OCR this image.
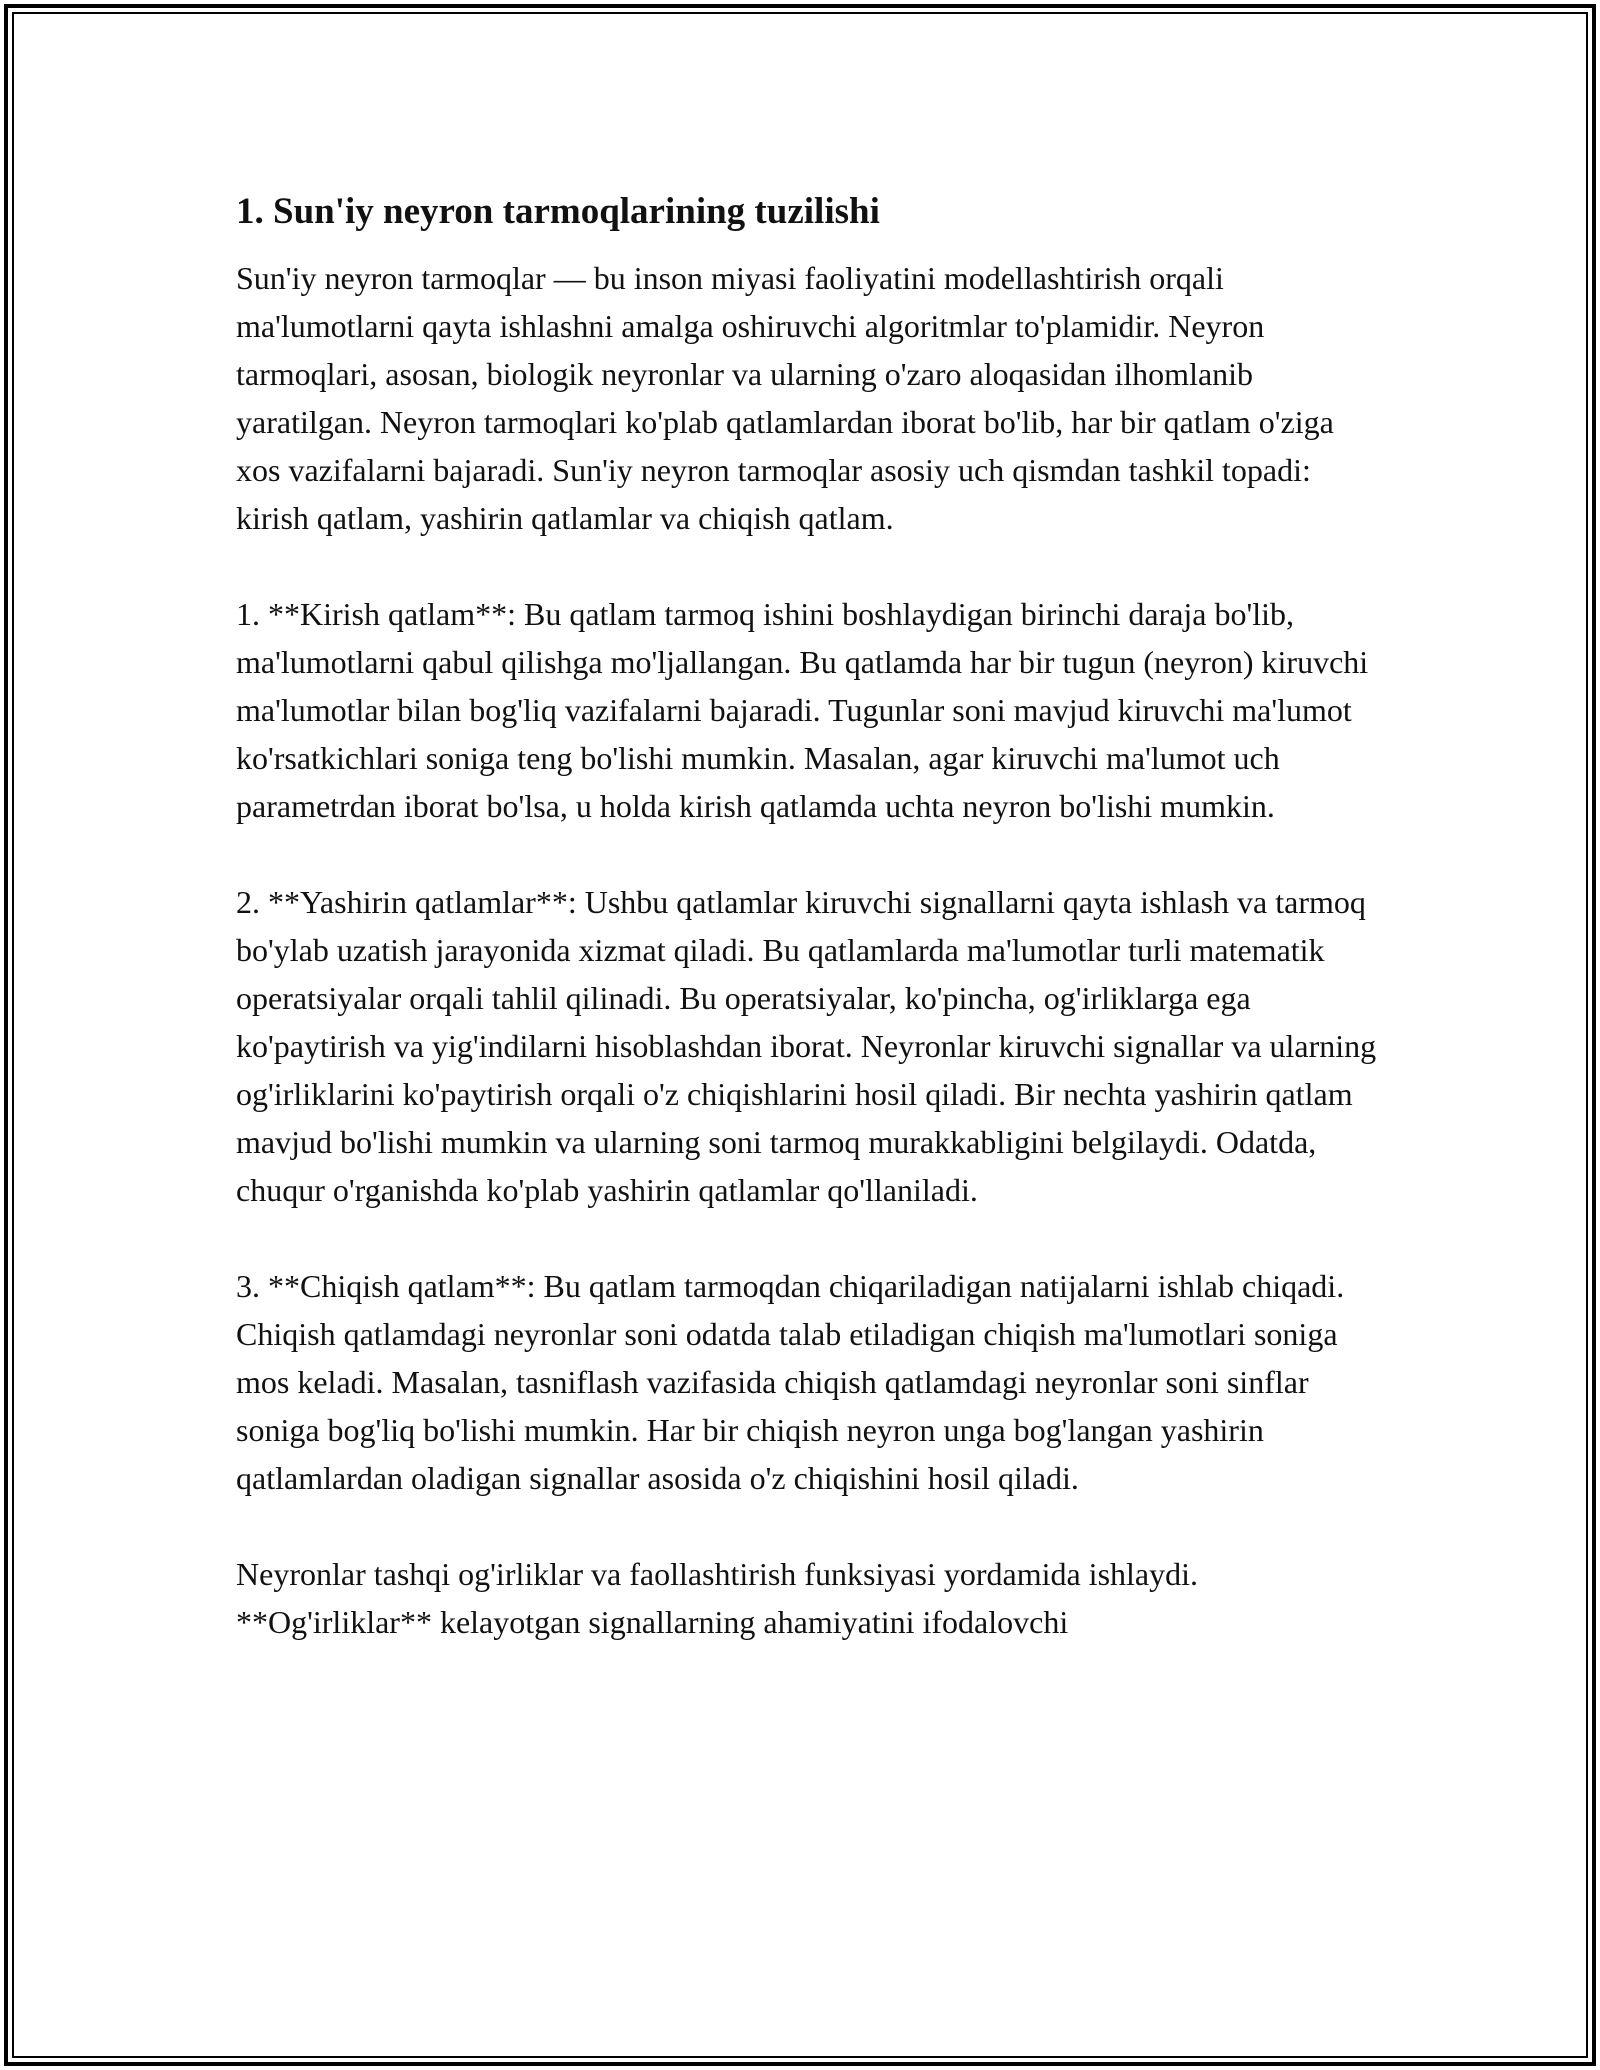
1. Sun'iy neyron tarmoqlarining tuzilishi

Sun'iy neyron tarmoqlar — bu inson miyasi faoliyatini modellashtirish orqali ma'lumotlarni qayta ishlashni amalga oshiruvchi algoritmlar to'plamidir. Neyron tarmoqlari, asosan, biologik neyronlar va ularning o'zaro aloqasidan ilhomlanib yaratilgan. Neyron tarmoqlari ko'plab qatlamlardan iborat bo'lib, har bir qatlam o'ziga xos vazifalarni bajaradi. Sun'iy neyron tarmoqlar asosiy uch qismdan tashkil topadi: kirish qatlam, yashirin qatlamlar va chiqish qatlam.

1. **Kirish qatlam**: Bu qatlam tarmoq ishini boshlaydigan birinchi daraja bo'lib, ma'lumotlarni qabul qilishga mo'ljallangan. Bu qatlamda har bir tugun (neyron) kiruvchi ma'lumotlar bilan bog'liq vazifalarni bajaradi. Tugunlar soni mavjud kiruvchi ma'lumot ko'rsatkichlari soniga teng bo'lishi mumkin. Masalan, agar kiruvchi ma'lumot uch parametrdan iborat bo'lsa, u holda kirish qatlamda uchta neyron bo'lishi mumkin.

2. **Yashirin qatlamlar**: Ushbu qatlamlar kiruvchi signallarni qayta ishlash va tarmoq bo'ylab uzatish jarayonida xizmat qiladi. Bu qatlamlarda ma'lumotlar turli matematik operatsiyalar orqali tahlil qilinadi. Bu operatsiyalar, ko'pincha, og'irliklarga ega ko'paytirish va yig'indilarni hisoblashdan iborat. Neyronlar kiruvchi signallar va ularning og'irliklarini ko'paytirish orqali o'z chiqishlarini hosil qiladi. Bir nechta yashirin qatlam mavjud bo'lishi mumkin va ularning soni tarmoq murakkabligini belgilaydi. Odatda, chuqur o'rganishda ko'plab yashirin qatlamlar qo'llaniladi.

3. **Chiqish qatlam**: Bu qatlam tarmoqdan chiqariladigan natijalarni ishlab chiqadi. Chiqish qatlamdagi neyronlar soni odatda talab etiladigan chiqish ma'lumotlari soniga mos keladi. Masalan, tasniflash vazifasida chiqish qatlamdagi neyronlar soni sinflar soniga bog'liq bo'lishi mumkin. Har bir chiqish neyron unga bog'langan yashirin qatlamlardan oladigan signallar asosida o'z chiqishini hosil qiladi.

Neyronlar tashqi og'irliklar va faollashtirish funksiyasi yordamida ishlaydi. **Og'irliklar** kelayotgan signallarning ahamiyatini ifodalovchi
